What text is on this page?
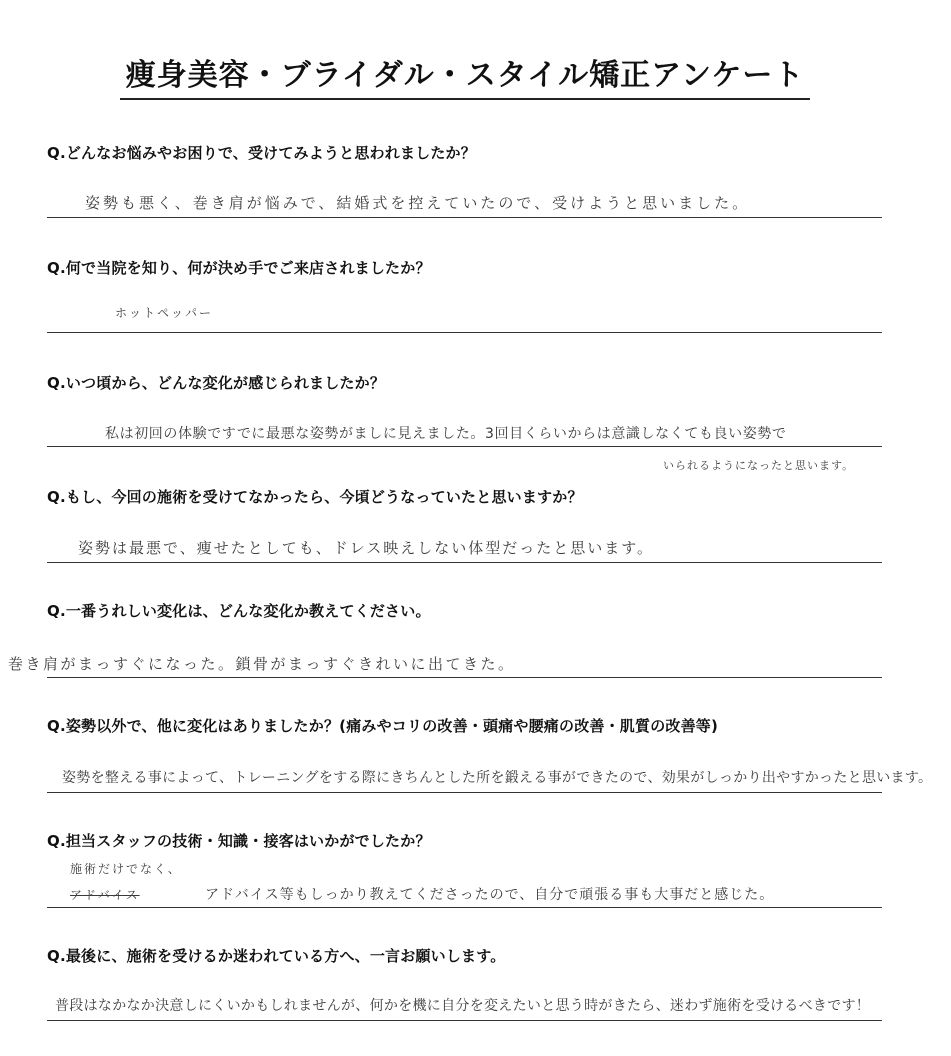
痩身美容・ブライダル・スタイル矯正アンケート
Q.どんなお悩みやお困りで、受けてみようと思われましたか？
姿勢も悪く、巻き肩が悩みで、結婚式を控えていたので、受けようと思いました。
Q.何で当院を知り、何が決め手でご来店されましたか？
ホットペッパー
Q.いつ頃から、どんな変化が感じられましたか？
私は初回の体験ですでに最悪な姿勢がましに見えました。3回目くらいからは意識しなくても良い姿勢で
いられるようになったと思います。
Q.もし、今回の施術を受けてなかったら、今頃どうなっていたと思いますか？
姿勢は最悪で、痩せたとしても、ドレス映えしない体型だったと思います。
Q.一番うれしい変化は、どんな変化か教えてください。
巻き肩がまっすぐになった。鎖骨がまっすぐきれいに出てきた。
Q.姿勢以外で、他に変化はありましたか？(痛みやコリの改善・頭痛や腰痛の改善・肌質の改善等)
姿勢を整える事によって、トレーニングをする際にきちんとした所を鍛える事ができたので、効果がしっかり出やすかったと思います。
Q.担当スタッフの技術・知識・接客はいかがでしたか？
施術だけでなく、
アドバイス	アドバイス等もしっかり教えてくださったので、自分で頑張る事も大事だと感じた。
Q.最後に、施術を受けるか迷われている方へ、一言お願いします。
普段はなかなか決意しにくいかもしれませんが、何かを機に自分を変えたいと思う時がきたら、迷わず施術を受けるべきです！
